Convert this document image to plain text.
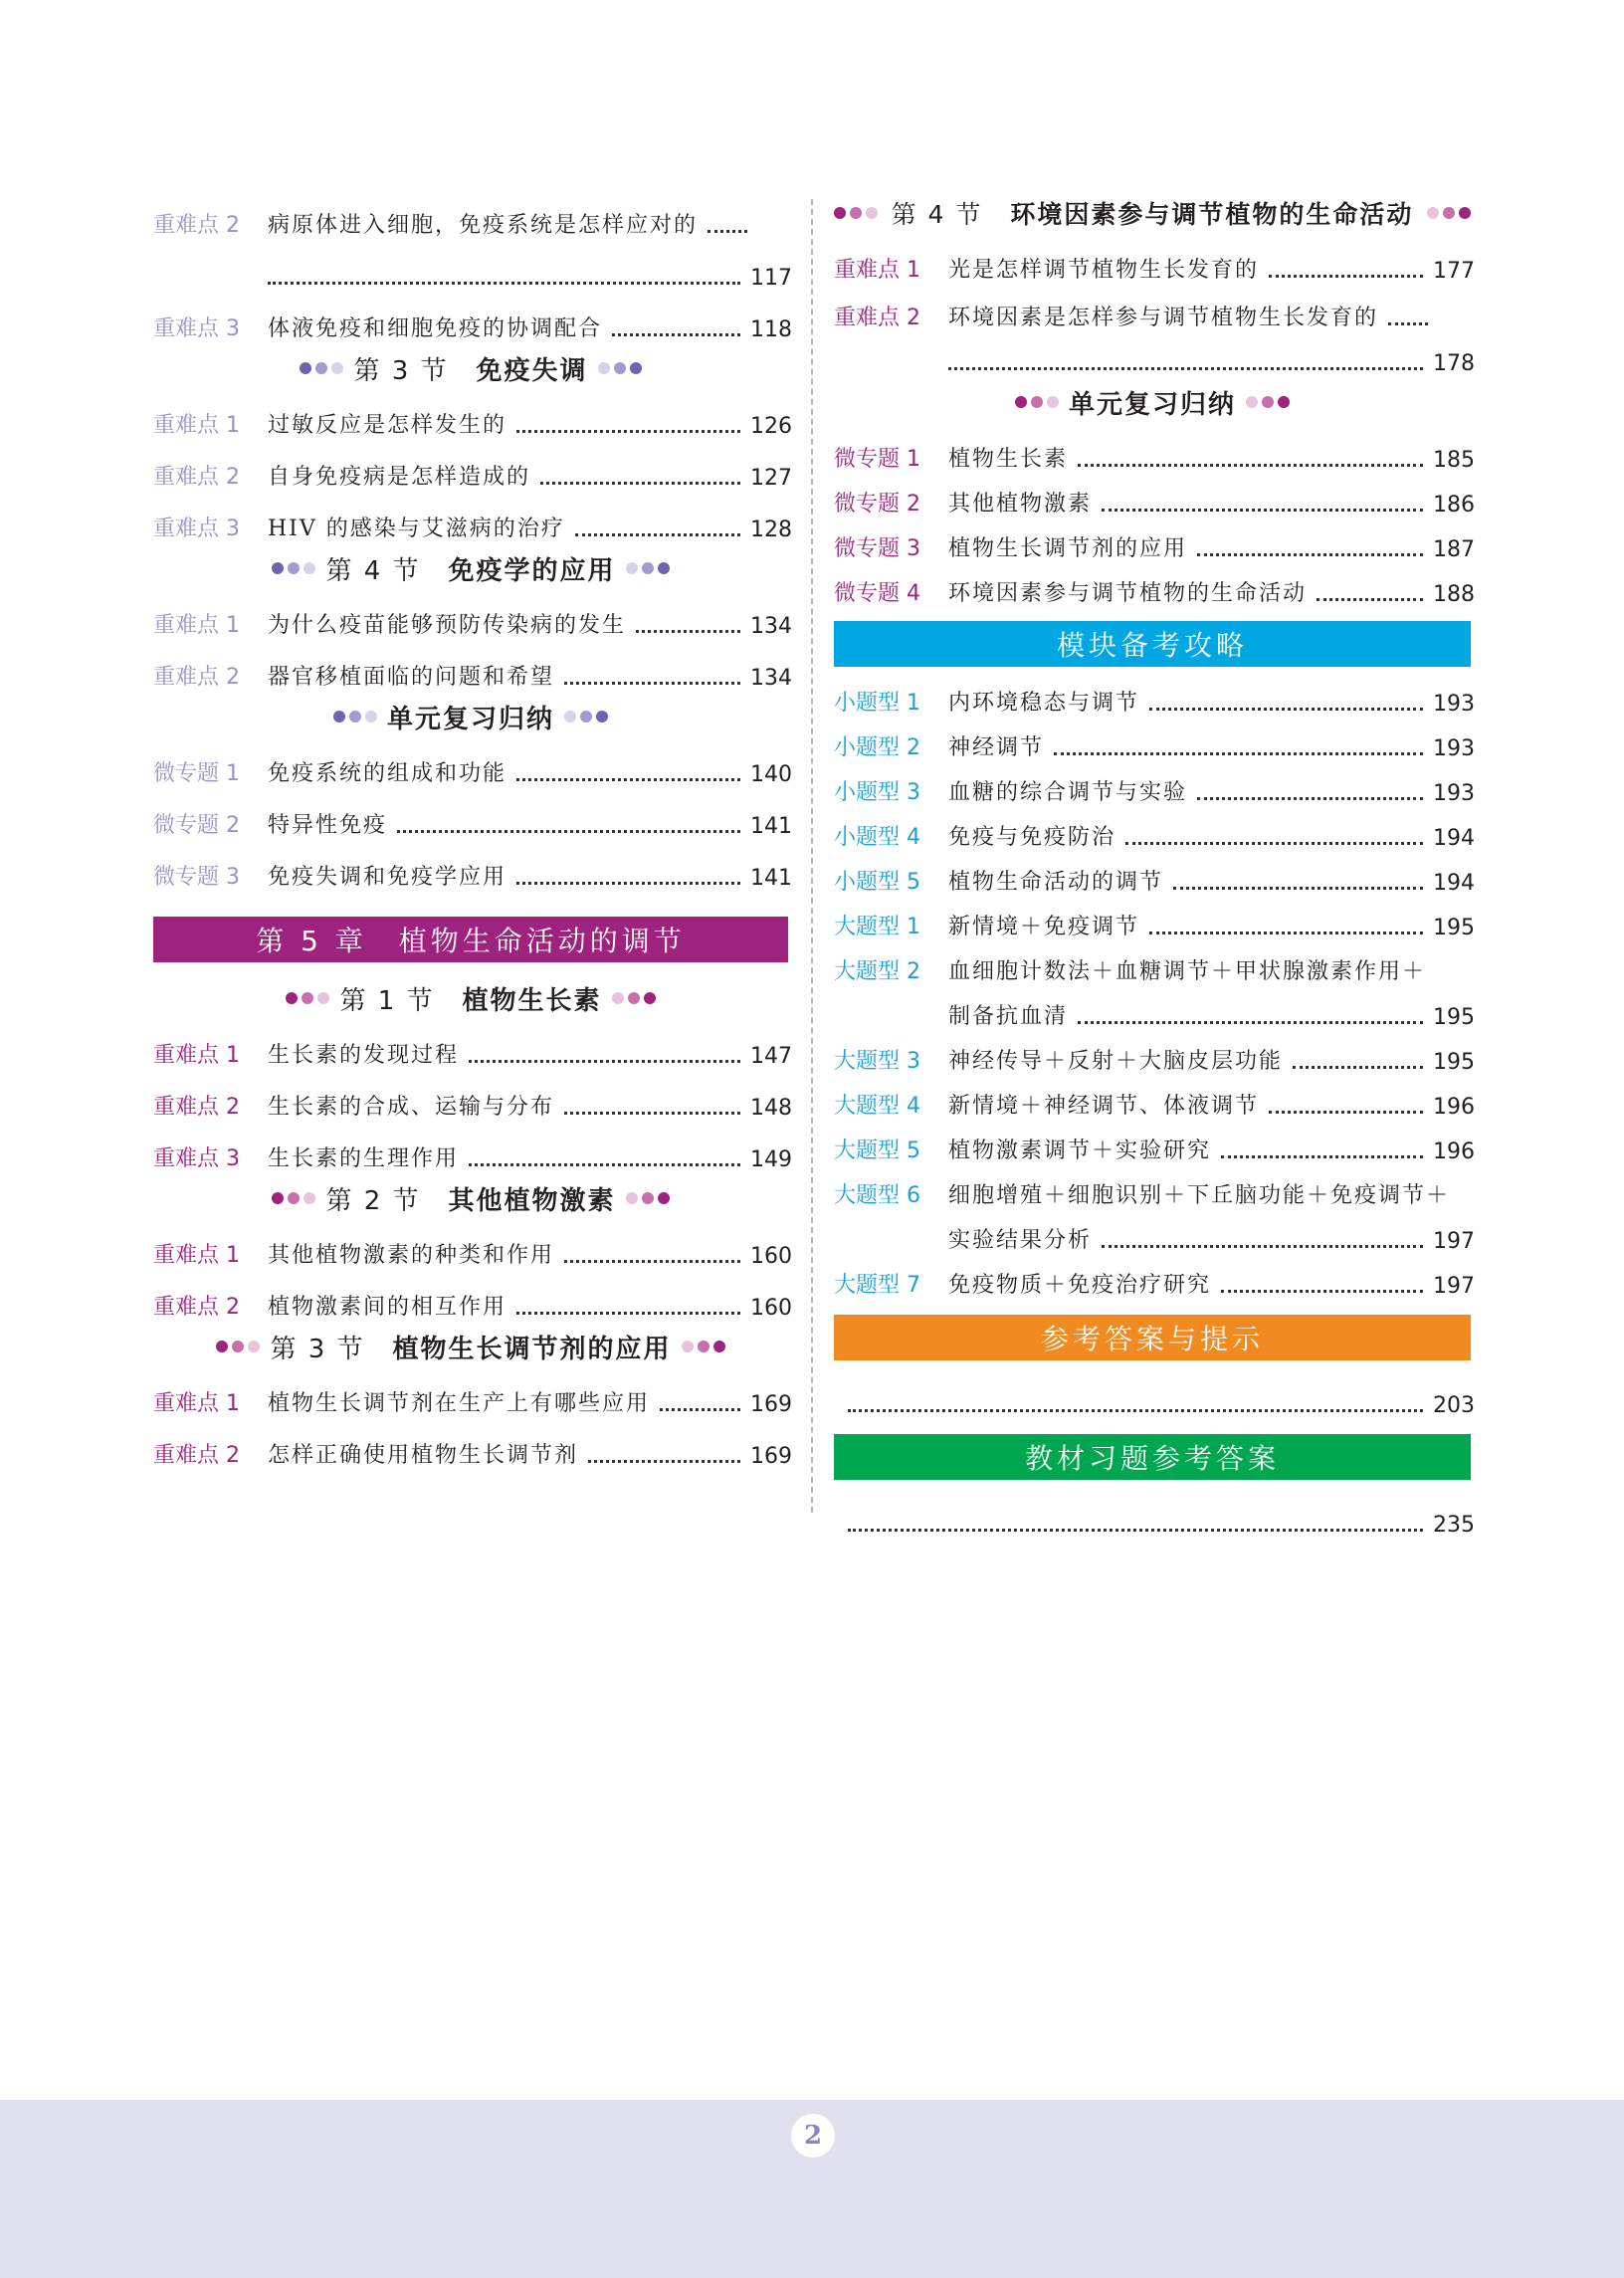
重难点 2	病原体进入细胞，免疫系统是怎样应对的
117
重难点 3	体液免疫和细胞免疫的协调配合	118
第 3 节 免疫失调
重难点 1	过敏反应是怎样发生的	126
重难点 2	自身免疫病是怎样造成的	127
重难点 3	HIV 的感染与艾滋病的治疗	128
第 4 节 免疫学的应用
重难点 1	为什么疫苗能够预防传染病的发生	134
重难点 2	器官移植面临的问题和希望	134
单元复习归纳
微专题 1	免疫系统的组成和功能	140
微专题 2	特异性免疫	141
微专题 3	免疫失调和免疫学应用	141
第 5 章　植物生命活动的调节
第 1 节 植物生长素
重难点 1	生长素的发现过程	147
重难点 2	生长素的合成、运输与分布	148
重难点 3	生长素的生理作用	149
第 2 节 其他植物激素
重难点 1	其他植物激素的种类和作用	160
重难点 2	植物激素间的相互作用	160
第 3 节 植物生长调节剂的应用
重难点 1	植物生长调节剂在生产上有哪些应用	169
重难点 2	怎样正确使用植物生长调节剂	169
第 4 节 环境因素参与调节植物的生命活动
重难点 1	光是怎样调节植物生长发育的	177
重难点 2	环境因素是怎样参与调节植物生长发育的
178
单元复习归纳
微专题 1	植物生长素	185
微专题 2	其他植物激素	186
微专题 3	植物生长调节剂的应用	187
微专题 4	环境因素参与调节植物的生命活动	188
模块备考攻略
小题型 1	内环境稳态与调节	193
小题型 2	神经调节	193
小题型 3	血糖的综合调节与实验	193
小题型 4	免疫与免疫防治	194
小题型 5	植物生命活动的调节	194
大题型 1	新情境＋免疫调节	195
大题型 2	血细胞计数法＋血糖调节＋甲状腺激素作用＋
制备抗血清	195
大题型 3	神经传导＋反射＋大脑皮层功能	195
大题型 4	新情境＋神经调节、体液调节	196
大题型 5	植物激素调节＋实验研究	196
大题型 6	细胞增殖＋细胞识别＋下丘脑功能＋免疫调节＋
实验结果分析	197
大题型 7	免疫物质＋免疫治疗研究	197
参考答案与提示
203
教材习题参考答案
235
2
